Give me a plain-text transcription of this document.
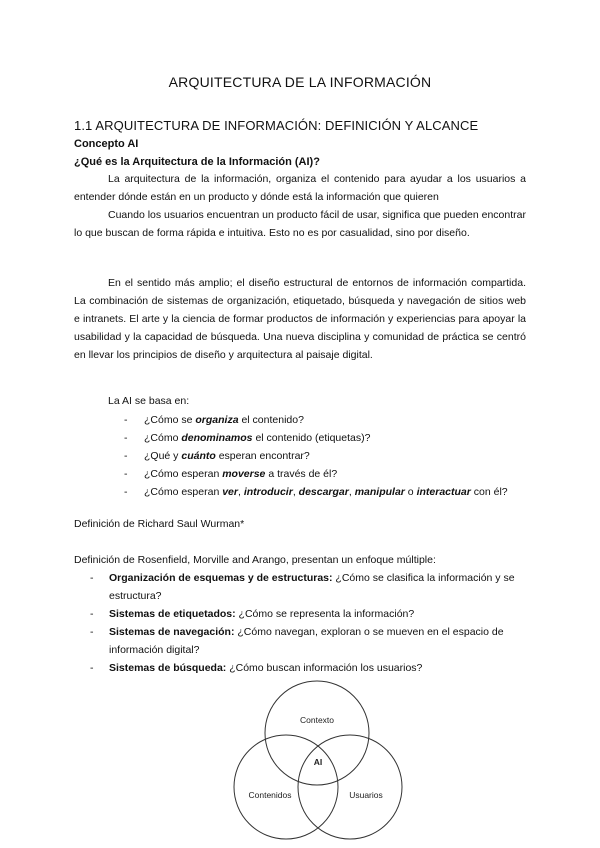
ARQUITECTURA DE LA INFORMACIÓN
1.1 ARQUITECTURA DE INFORMACIÓN: DEFINICIÓN Y ALCANCE
Concepto AI
¿Qué es la Arquitectura de la Información (AI)?

La arquitectura de la información, organiza el contenido para ayudar a los usuarios a entender dónde están en un producto y dónde está la información que quieren

Cuando los usuarios encuentran un producto fácil de usar, significa que pueden encontrar lo que buscan de forma rápida e intuitiva. Esto no es por casualidad, sino por diseño.

En el sentido más amplio; el diseño estructural de entornos de información compartida. La combinación de sistemas de organización, etiquetado, búsqueda y navegación de sitios web e intranets. El arte y la ciencia de formar productos de información y experiencias para apoyar la usabilidad y la capacidad de búsqueda. Una nueva disciplina y comunidad de práctica se centró en llevar los principios de diseño y arquitectura al paisaje digital.

La AI se basa en:
- ¿Cómo se organiza el contenido?
- ¿Cómo denominamos el contenido (etiquetas)?
- ¿Qué y cuánto esperan encontrar?
- ¿Cómo esperan moverse a través de él?
- ¿Cómo esperan ver, introducir, descargar, manipular o interactuar con él?
Definición de Richard Saul Wurman*
Definición de Rosenfield, Morville and Arango, presentan un enfoque múltiple:
- Organización de esquemas y de estructuras: ¿Cómo se clasifica la información y se estructura?
- Sistemas de etiquetados: ¿Cómo se representa la información?
- Sistemas de navegación: ¿Cómo navegan, exploran o se mueven en el espacio de información digital?
- Sistemas de búsqueda: ¿Cómo buscan información los usuarios?
Contexto
Contenidos	Usuarios
AI
